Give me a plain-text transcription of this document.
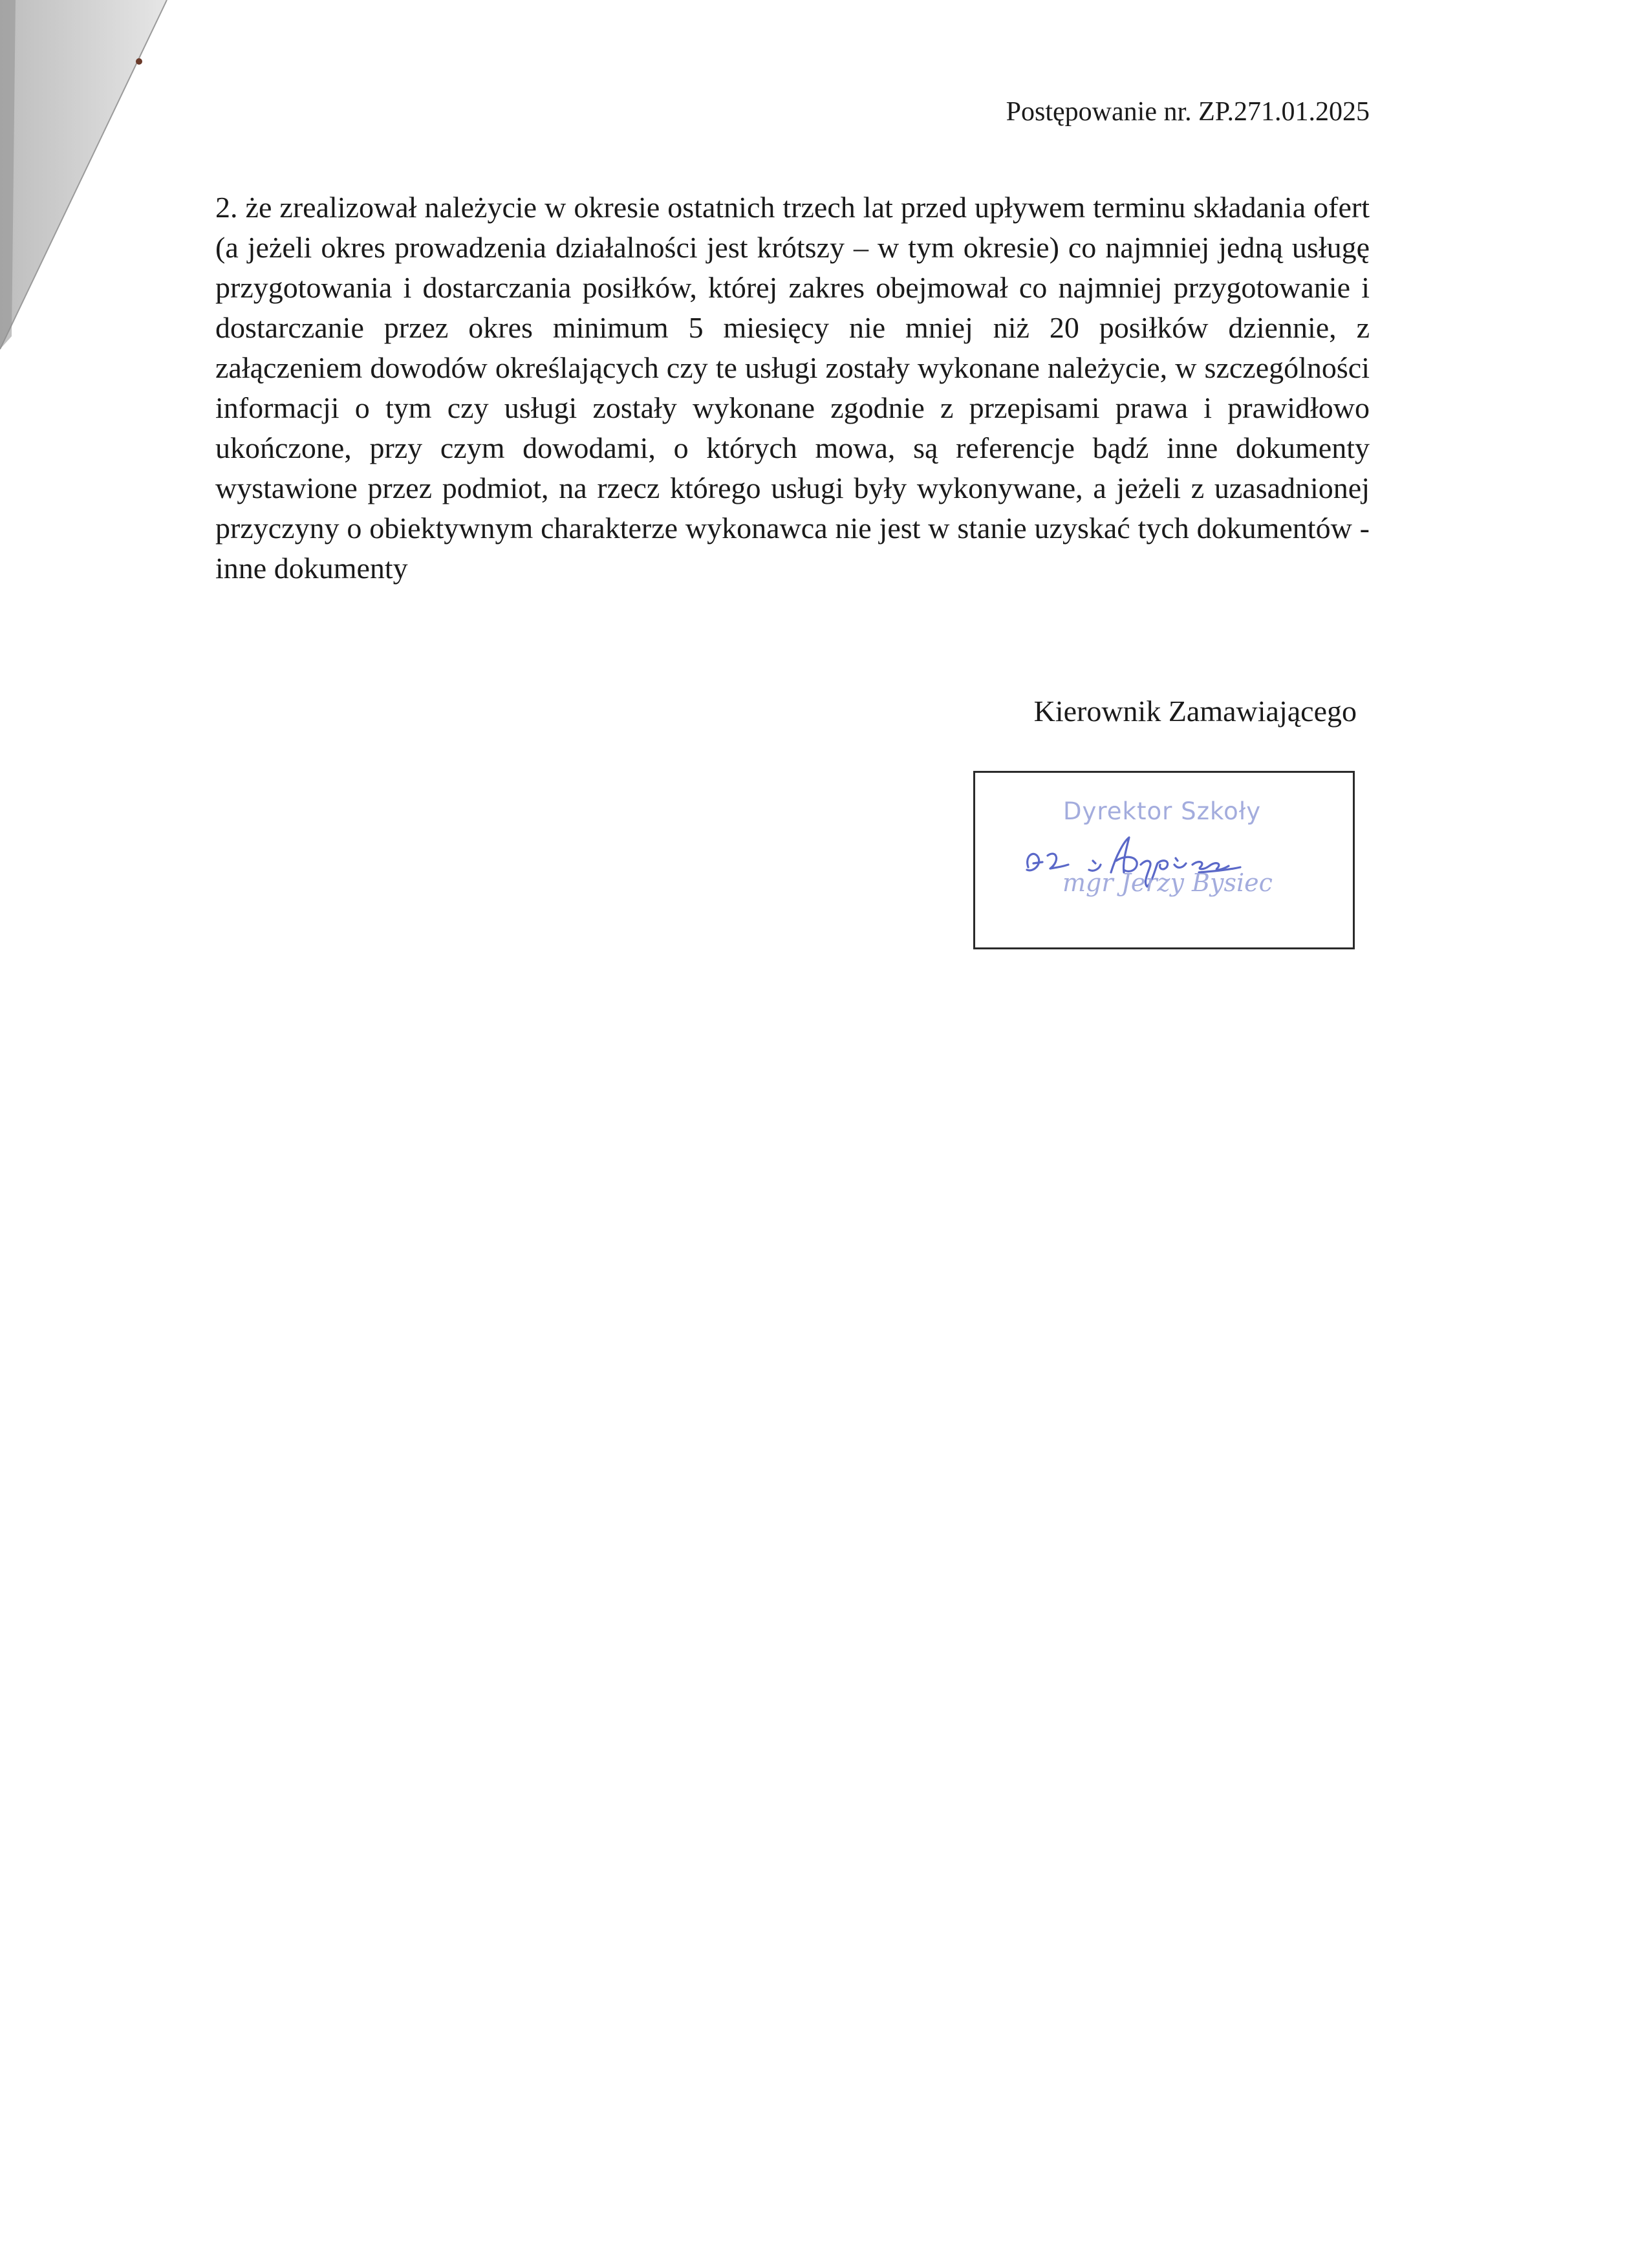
Postępowanie nr. ZP.271.01.2025

2. że zrealizował należycie w okresie ostatnich trzech lat przed upływem terminu składania ofert (a jeżeli okres prowadzenia działalności jest krótszy – w tym okresie) co najmniej jedną usługę przygotowania i dostarczania posiłków, której zakres obejmował co najmniej przygotowanie i dostarczanie przez okres minimum 5 miesięcy nie mniej niż 20 posiłków dziennie, z załączeniem dowodów określających czy te usługi zostały wykonane należycie, w szczególności informacji o tym czy usługi zostały wykonane zgodnie z przepisami prawa i prawidłowo ukończone, przy czym dowodami, o których mowa, są referencje bądź inne dokumenty wystawione przez podmiot, na rzecz którego usługi były wykonywane, a jeżeli z uzasadnionej przyczyny o obiektywnym charakterze wykonawca nie jest w stanie uzyskać tych dokumentów - inne dokumenty

Kierownik Zamawiającego
Dyrektor Szkoły
mgr Jerzy Bysiec
